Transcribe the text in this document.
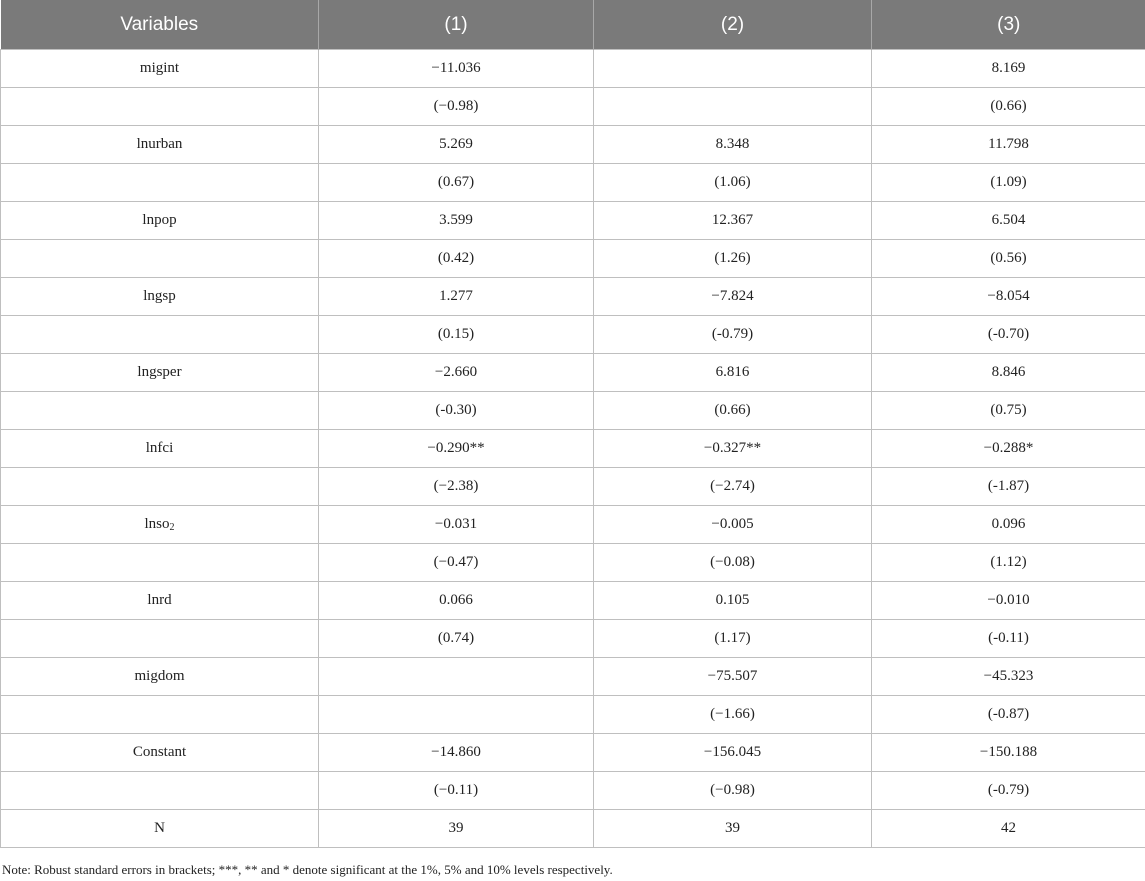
Variables	(1)	(2)	(3)
migint	−11.036		8.169
	(−0.98)		(0.66)
lnurban	5.269	8.348	11.798
	(0.67)	(1.06)	(1.09)
lnpop	3.599	12.367	6.504
	(0.42)	(1.26)	(0.56)
lngsp	1.277	−7.824	−8.054
	(0.15)	(-0.79)	(-0.70)
lngsper	−2.660	6.816	8.846
	(-0.30)	(0.66)	(0.75)
lnfci	−0.290**	−0.327**	−0.288*
	(−2.38)	(−2.74)	(-1.87)
lnso$_2$	−0.031	−0.005	0.096
	(−0.47)	(−0.08)	(1.12)
lnrd	0.066	0.105	−0.010
	(0.74)	(1.17)	(-0.11)
migdom		−75.507	−45.323
		(−1.66)	(-0.87)
Constant	−14.860	−156.045	−150.188
	(−0.11)	(−0.98)	(-0.79)
N	39	39	42
Note: Robust standard errors in brackets; ***, ** and * denote significant at the 1%, 5% and 10% levels respectively.
